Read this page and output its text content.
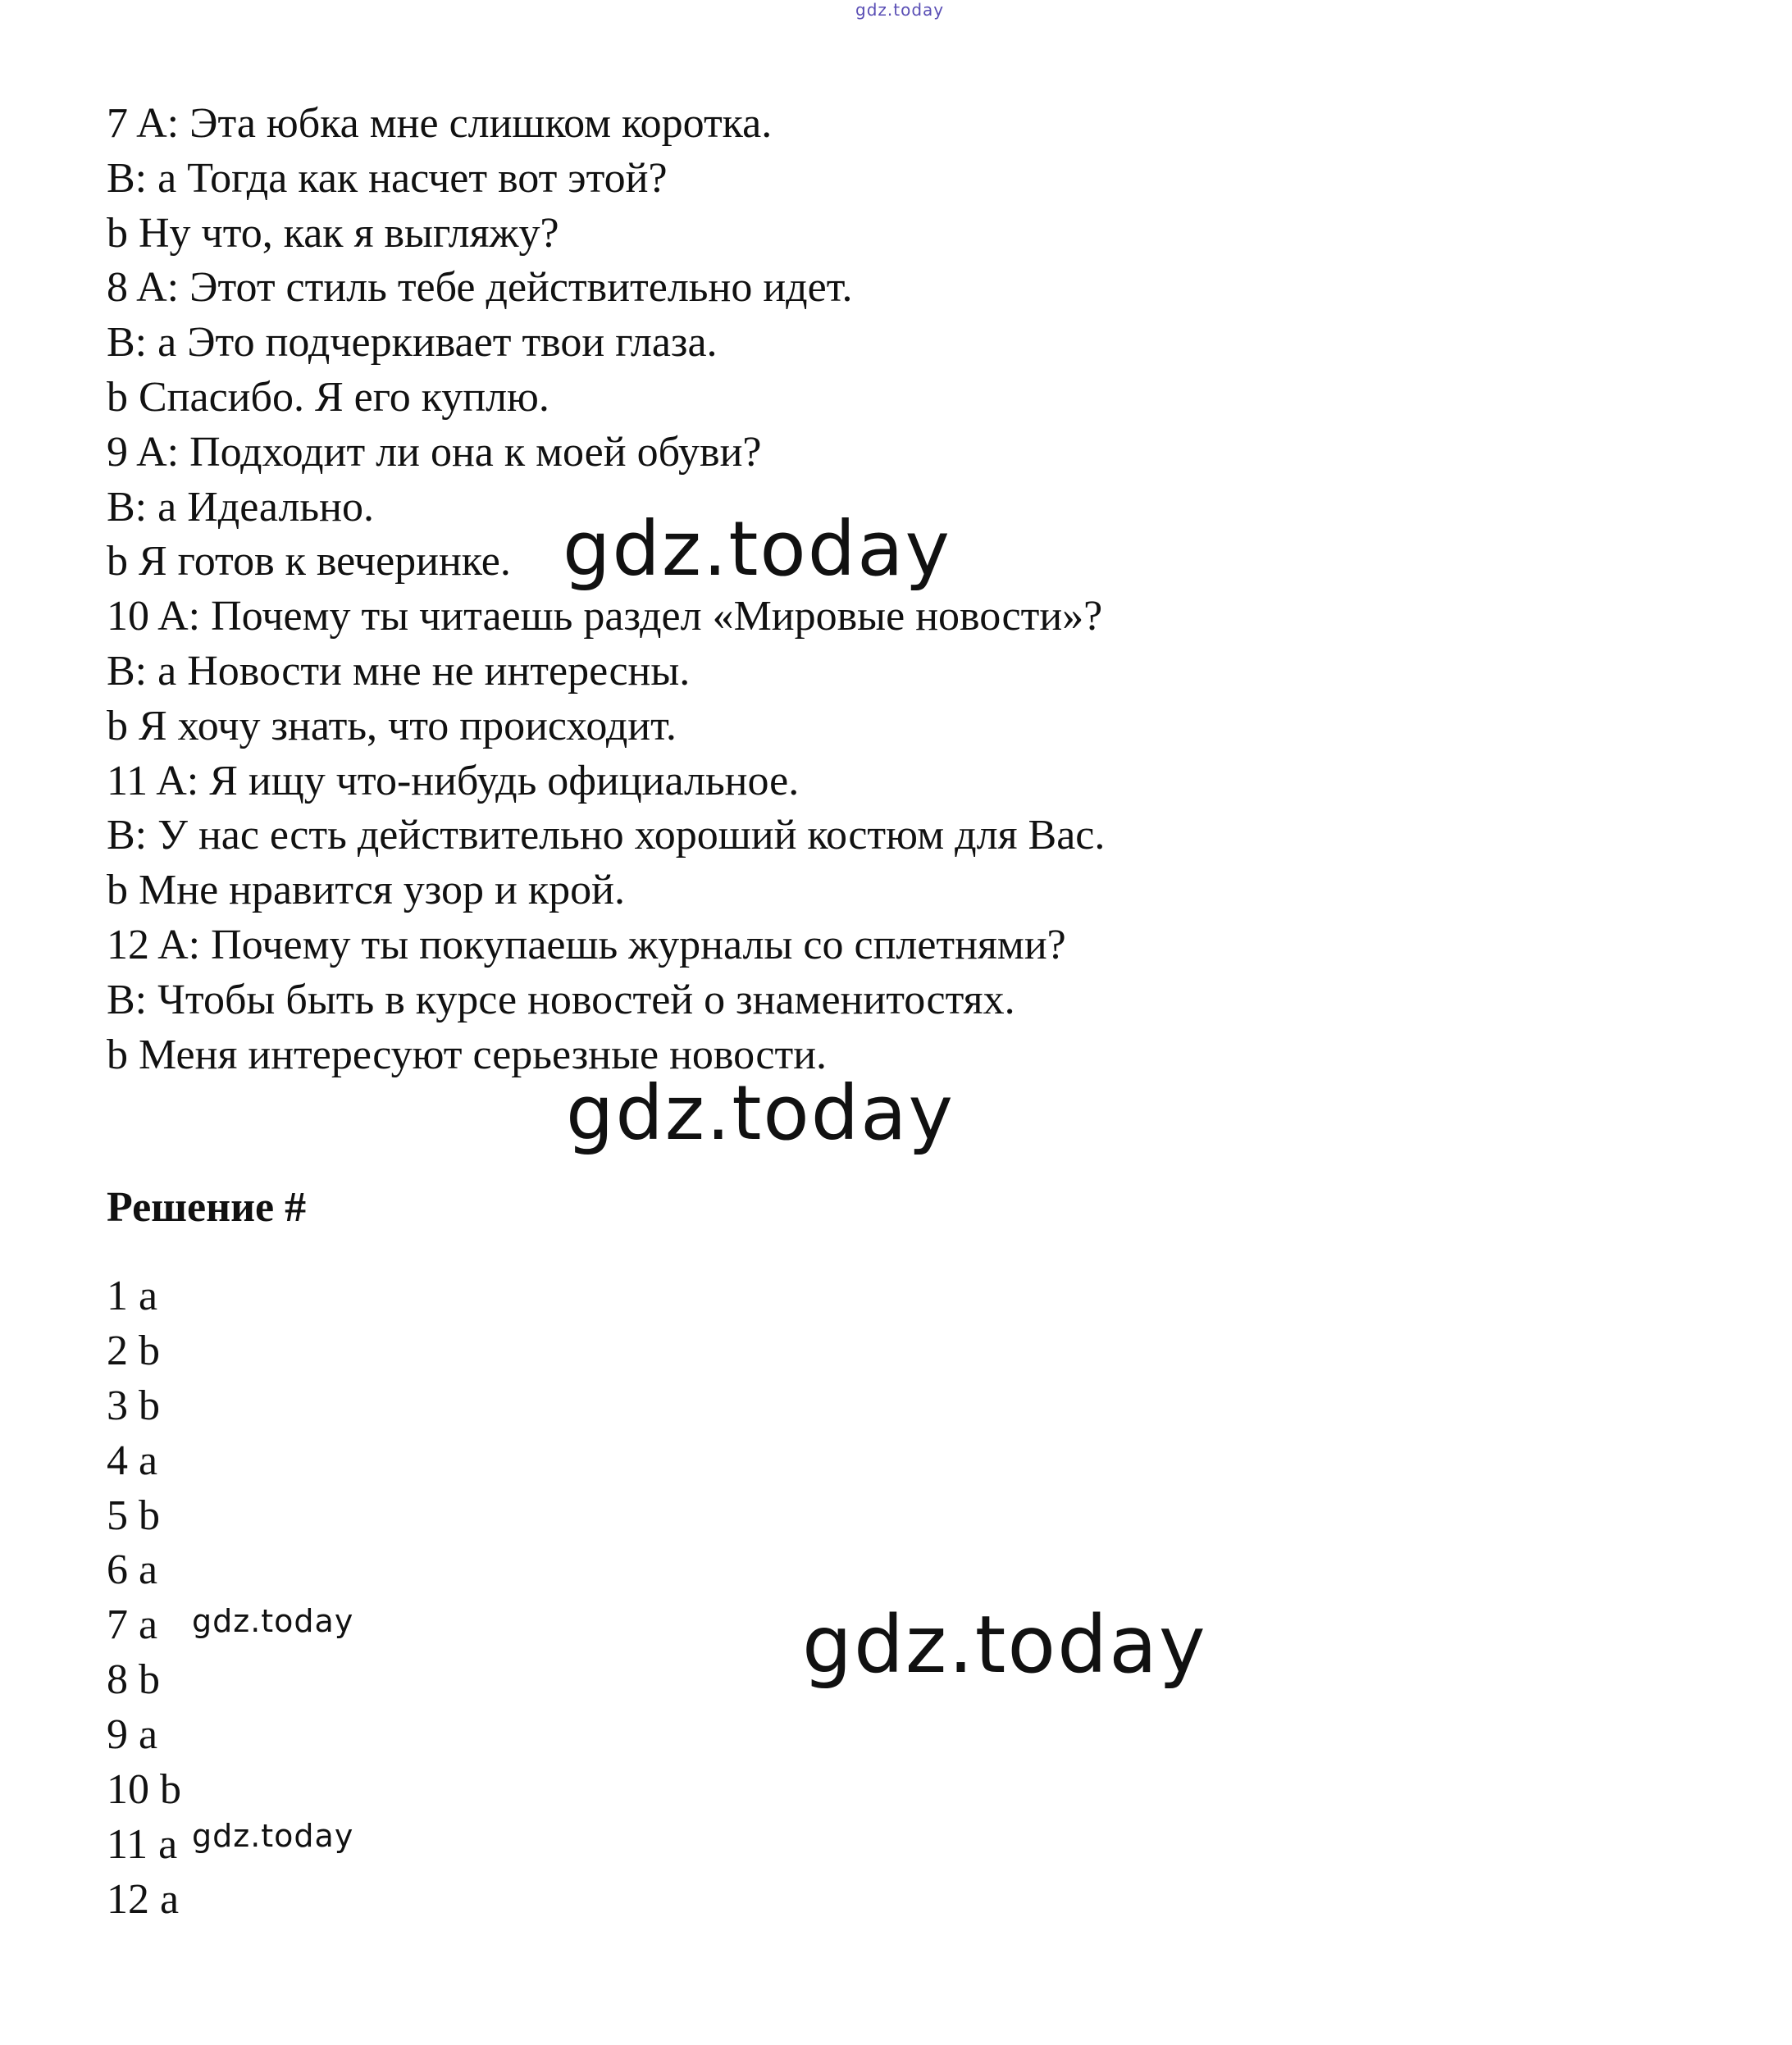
gdz.today
7 A: Эта юбка мне слишком коротка.
B: a Тогда как насчет вот этой?
b Ну что, как я выгляжу?
8 A: Этот стиль тебе действительно идет.
B: a Это подчеркивает твои глаза.
b Спасибо. Я его куплю.
9 A: Подходит ли она к моей обуви?
B: a Идеально.
b Я готов к вечеринке.
10 A: Почему ты читаешь раздел «Мировые новости»?
B: a Новости мне не интересны.
b Я хочу знать, что происходит.
11 A: Я ищу что-нибудь официальное.
B: У нас есть действительно хороший костюм для Вас.
b Мне нравится узор и крой.
12 A: Почему ты покупаешь журналы со сплетнями?
B: Чтобы быть в курсе новостей о знаменитостях.
b Меня интересуют серьезные новости.
gdz.today
gdz.today
Решение #
1 a
2 b
3 b
4 a
5 b
6 a
7 a
8 b
9 a
10 b
11 a
12 a
gdz.today
gdz.today
gdz.today
